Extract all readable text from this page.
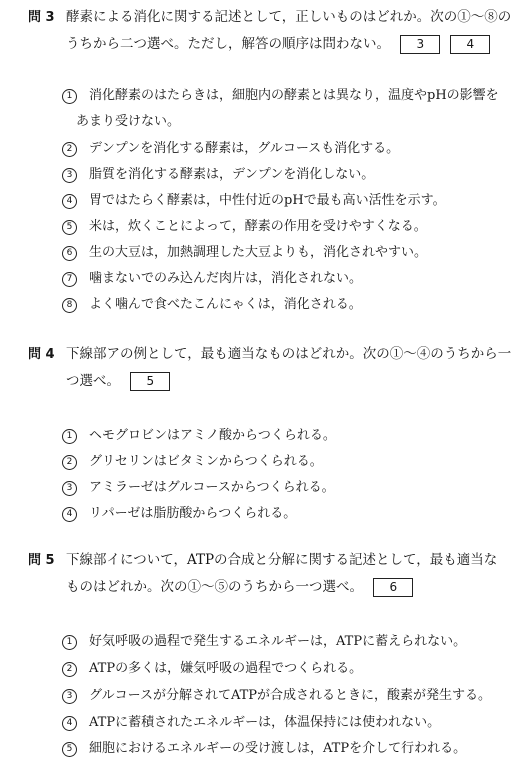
問 3 酵素による消化に関する記述として，正しいものはどれか。次の①～⑧の
うちから二つ選べ。ただし，解答の順序は問わない。 3	4
1 消化酵素のはたらきは，細胞内の酵素とは異なり，温度やpHの影響を
あまり受けない。
2 デンプンを消化する酵素は，グルコースも消化する。
3 脂質を消化する酵素は，デンプンを消化しない。
4 胃ではたらく酵素は，中性付近のpHで最も高い活性を示す。
5 米は，炊くことによって，酵素の作用を受けやすくなる。
6 生の大豆は，加熱調理した大豆よりも，消化されやすい。
7 噛まないでのみ込んだ肉片は，消化されない。
8 よく噛んで食べたこんにゃくは，消化される。
問 4 下線部アの例として，最も適当なものはどれか。次の①～④のうちから一
つ選べ。 5
1 ヘモグロビンはアミノ酸からつくられる。
2 グリセリンはビタミンからつくられる。
3 アミラーゼはグルコースからつくられる。
4 リパーゼは脂肪酸からつくられる。
問 5 下線部イについて，ATPの合成と分解に関する記述として，最も適当な
ものはどれか。次の①～⑤のうちから一つ選べ。 6
1 好気呼吸の過程で発生するエネルギーは，ATPに蓄えられない。
2 ATPの多くは，嫌気呼吸の過程でつくられる。
3 グルコースが分解されてATPが合成されるときに，酸素が発生する。
4 ATPに蓄積されたエネルギーは，体温保持には使われない。
5 細胞におけるエネルギーの受け渡しは，ATPを介して行われる。
